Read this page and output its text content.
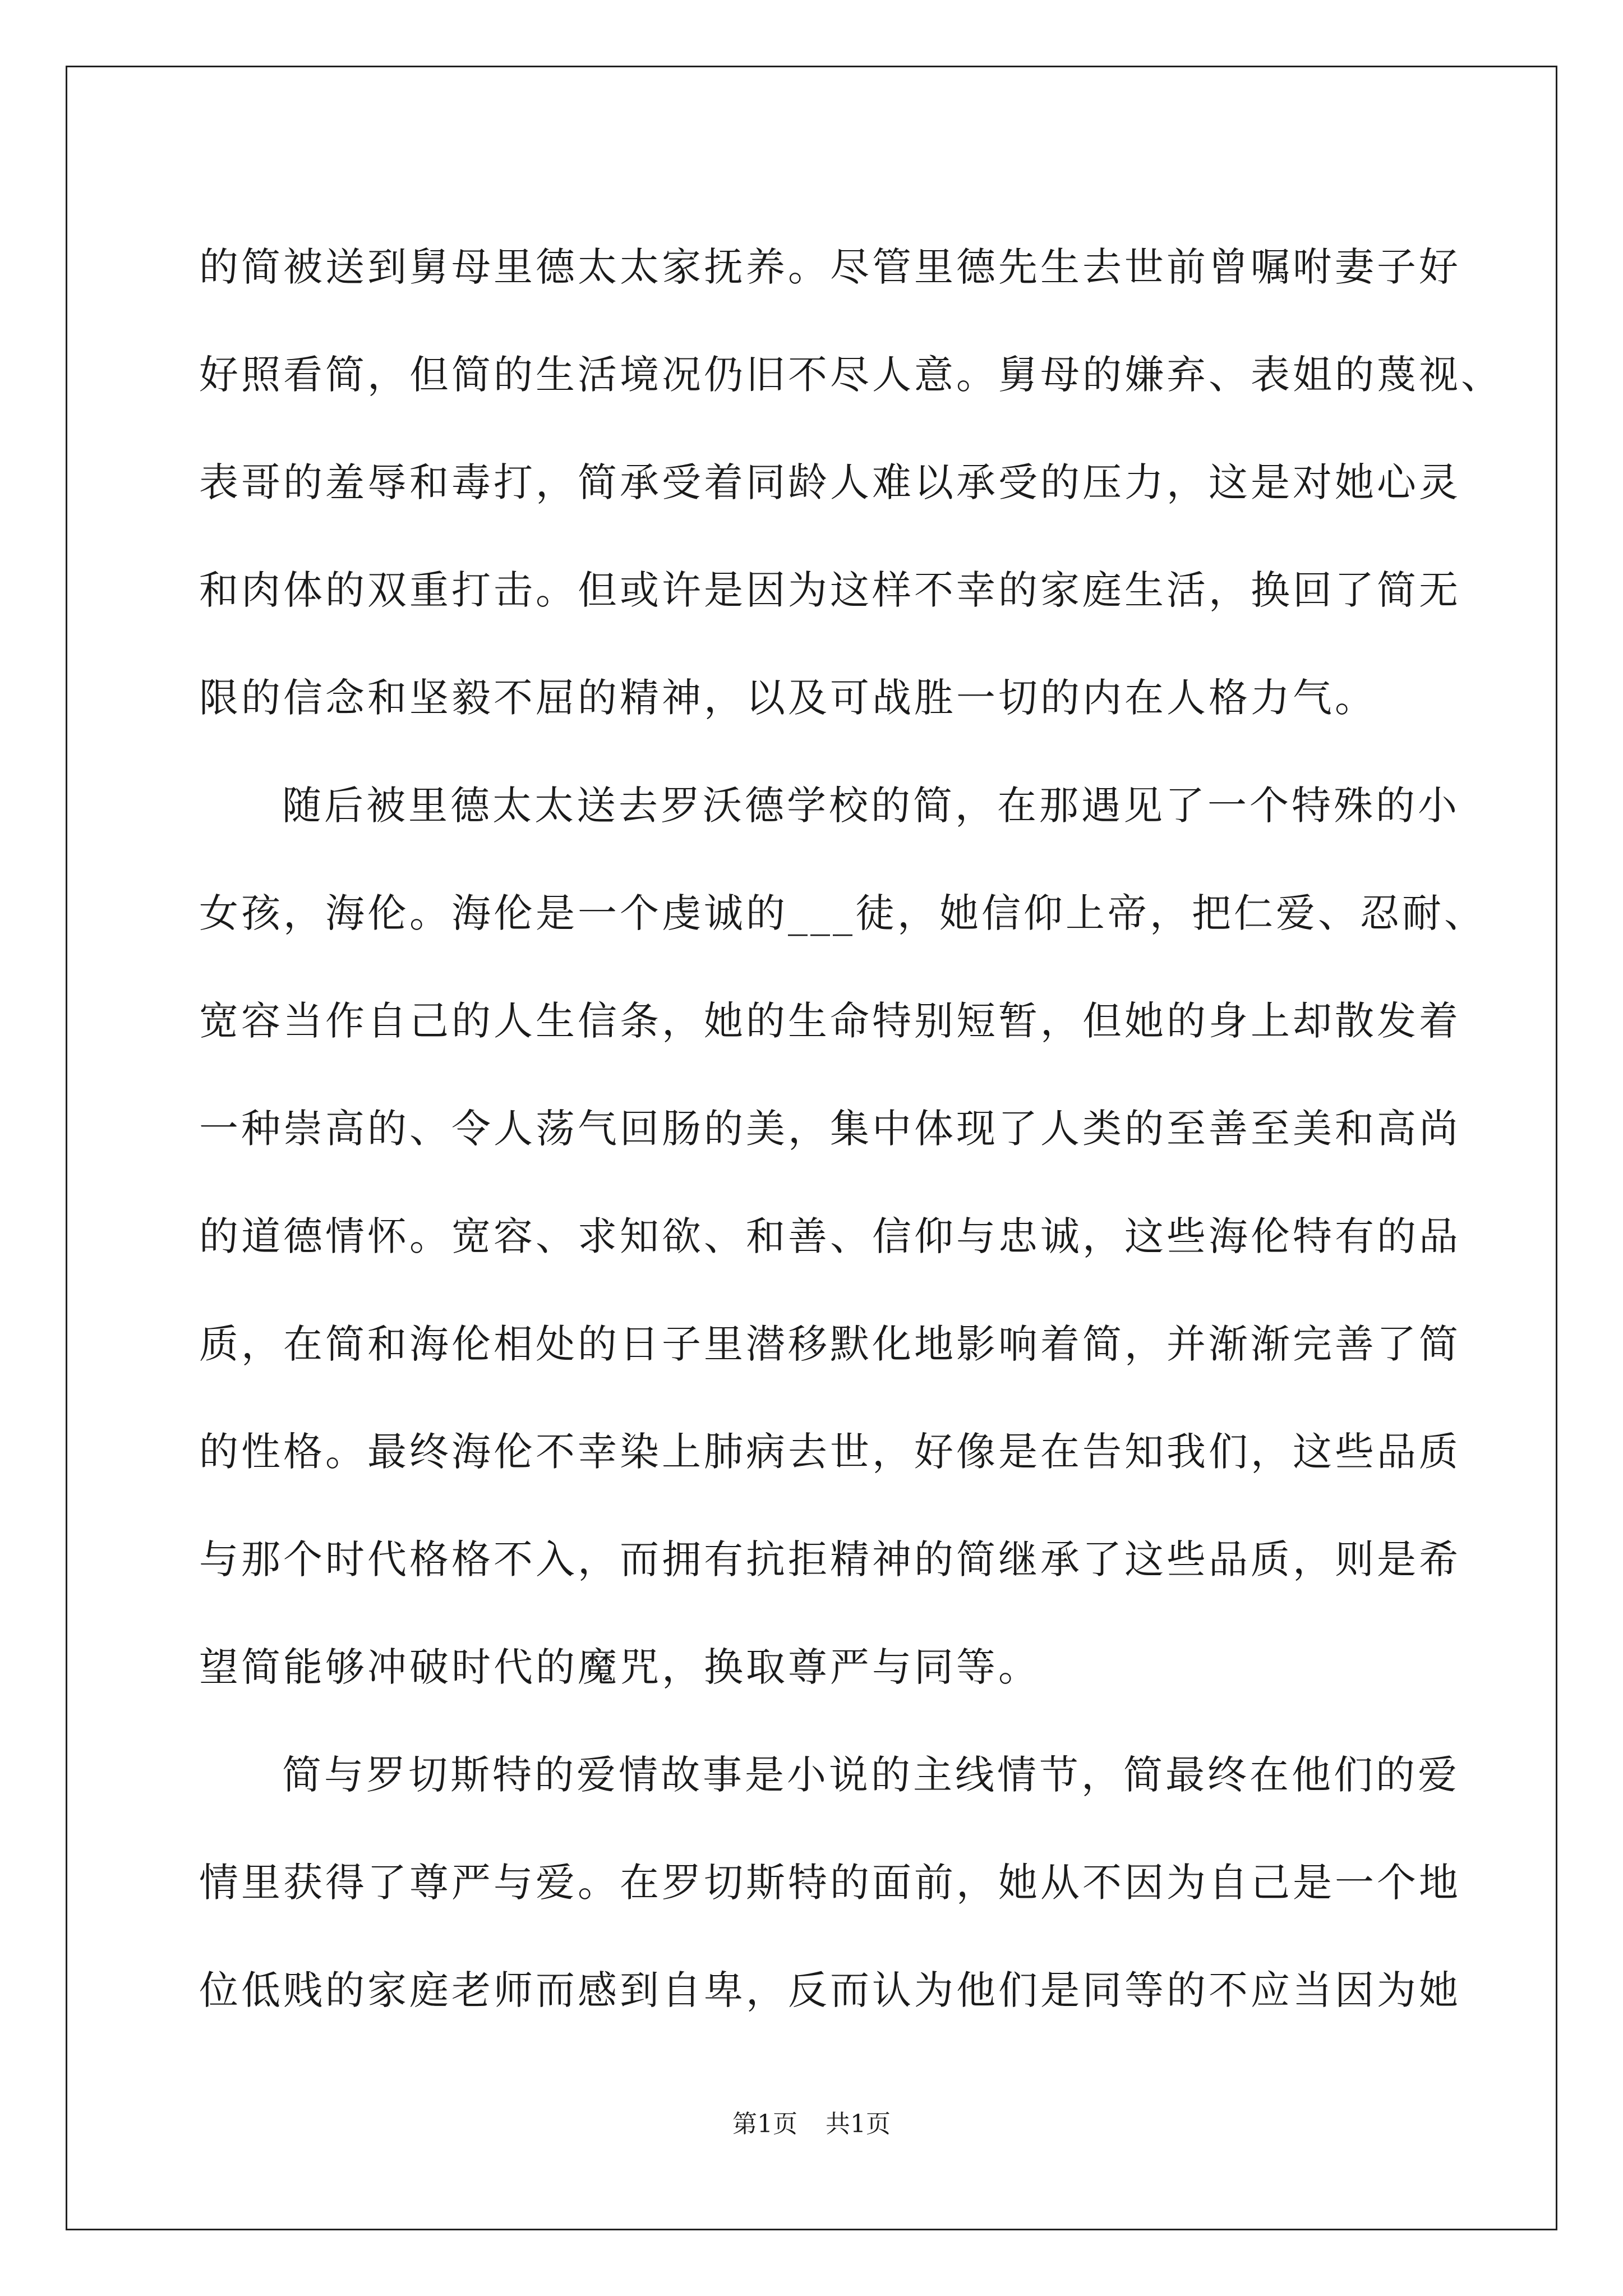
的简被送到舅母里德太太家抚养。尽管里德先生去世前曾嘱咐妻子好
好照看简，但简的生活境况仍旧不尽人意。舅母的嫌弃、表姐的蔑视、
表哥的羞辱和毒打，简承受着同龄人难以承受的压力，这是对她心灵
和肉体的双重打击。但或许是因为这样不幸的家庭生活，换回了简无
限的信念和坚毅不屈的精神，以及可战胜一切的内在人格力气。

随后被里德太太送去罗沃德学校的简，在那遇见了一个特殊的小
女孩，海伦。海伦是一个虔诚的___徒，她信仰上帝，把仁爱、忍耐、
宽容当作自己的人生信条，她的生命特别短暂，但她的身上却散发着
一种崇高的、令人荡气回肠的美，集中体现了人类的至善至美和高尚
的道德情怀。宽容、求知欲、和善、信仰与忠诚，这些海伦特有的品
质，在简和海伦相处的日子里潜移默化地影响着简，并渐渐完善了简
的性格。最终海伦不幸染上肺病去世，好像是在告知我们，这些品质
与那个时代格格不入，而拥有抗拒精神的简继承了这些品质，则是希
望简能够冲破时代的魔咒，换取尊严与同等。

简与罗切斯特的爱情故事是小说的主线情节，简最终在他们的爱
情里获得了尊严与爱。在罗切斯特的面前，她从不因为自己是一个地
位低贱的家庭老师而感到自卑，反而认为他们是同等的不应当因为她

第1页 共1页
